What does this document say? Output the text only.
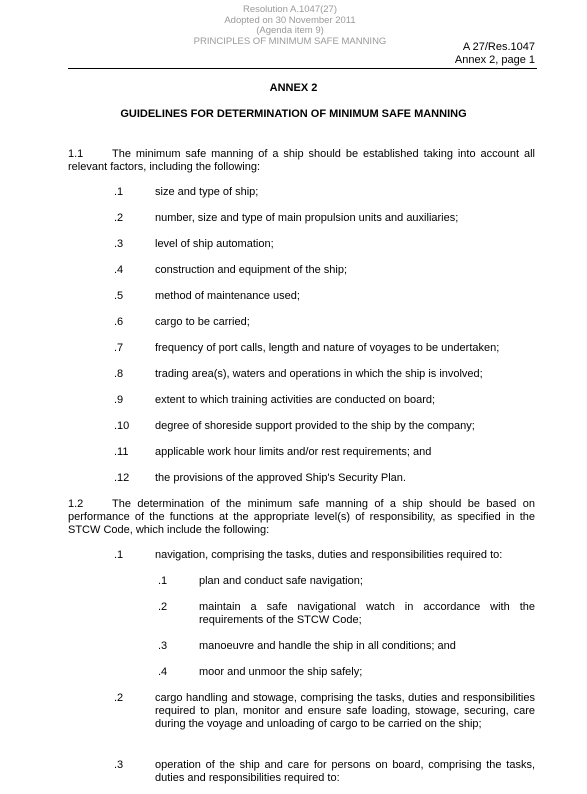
Resolution A.1047(27)
Adopted on 30 November 2011
(Agenda item 9)
PRINCIPLES OF MINIMUM SAFE MANNING	A 27/Res.1047
Annex 2, page 1
ANNEX 2
GUIDELINES FOR DETERMINATION OF MINIMUM SAFE MANNING
1.1	The minimum safe manning of a ship should be established taking into account all relevant factors, including the following:
.1	size and type of ship;
.2	number, size and type of main propulsion units and auxiliaries;
.3	level of ship automation;
.4	construction and equipment of the ship;
.5	method of maintenance used;
.6	cargo to be carried;
.7	frequency of port calls, length and nature of voyages to be undertaken;
.8	trading area(s), waters and operations in which the ship is involved;
.9	extent to which training activities are conducted on board;
.10 degree of shoreside support provided to the ship by the company;
.11 applicable work hour limits and/or rest requirements; and
.12 the provisions of the approved Ship's Security Plan.
1.2	The determination of the minimum safe manning of a ship should be based on performance of the functions at the appropriate level(s) of responsibility, as specified in the STCW Code, which include the following:
.1	navigation, comprising the tasks, duties and responsibilities required to:
.1	plan and conduct safe navigation;
.2	maintain a safe navigational watch in accordance with the requirements of the STCW Code;
.3	manoeuvre and handle the ship in all conditions; and
.4	moor and unmoor the ship safely;
.2	cargo handling and stowage, comprising the tasks, duties and responsibilities required to plan, monitor and ensure safe loading, stowage, securing, care during the voyage and unloading of cargo to be carried on the ship;
.3	operation of the ship and care for persons on board, comprising the tasks, duties and responsibilities required to:
